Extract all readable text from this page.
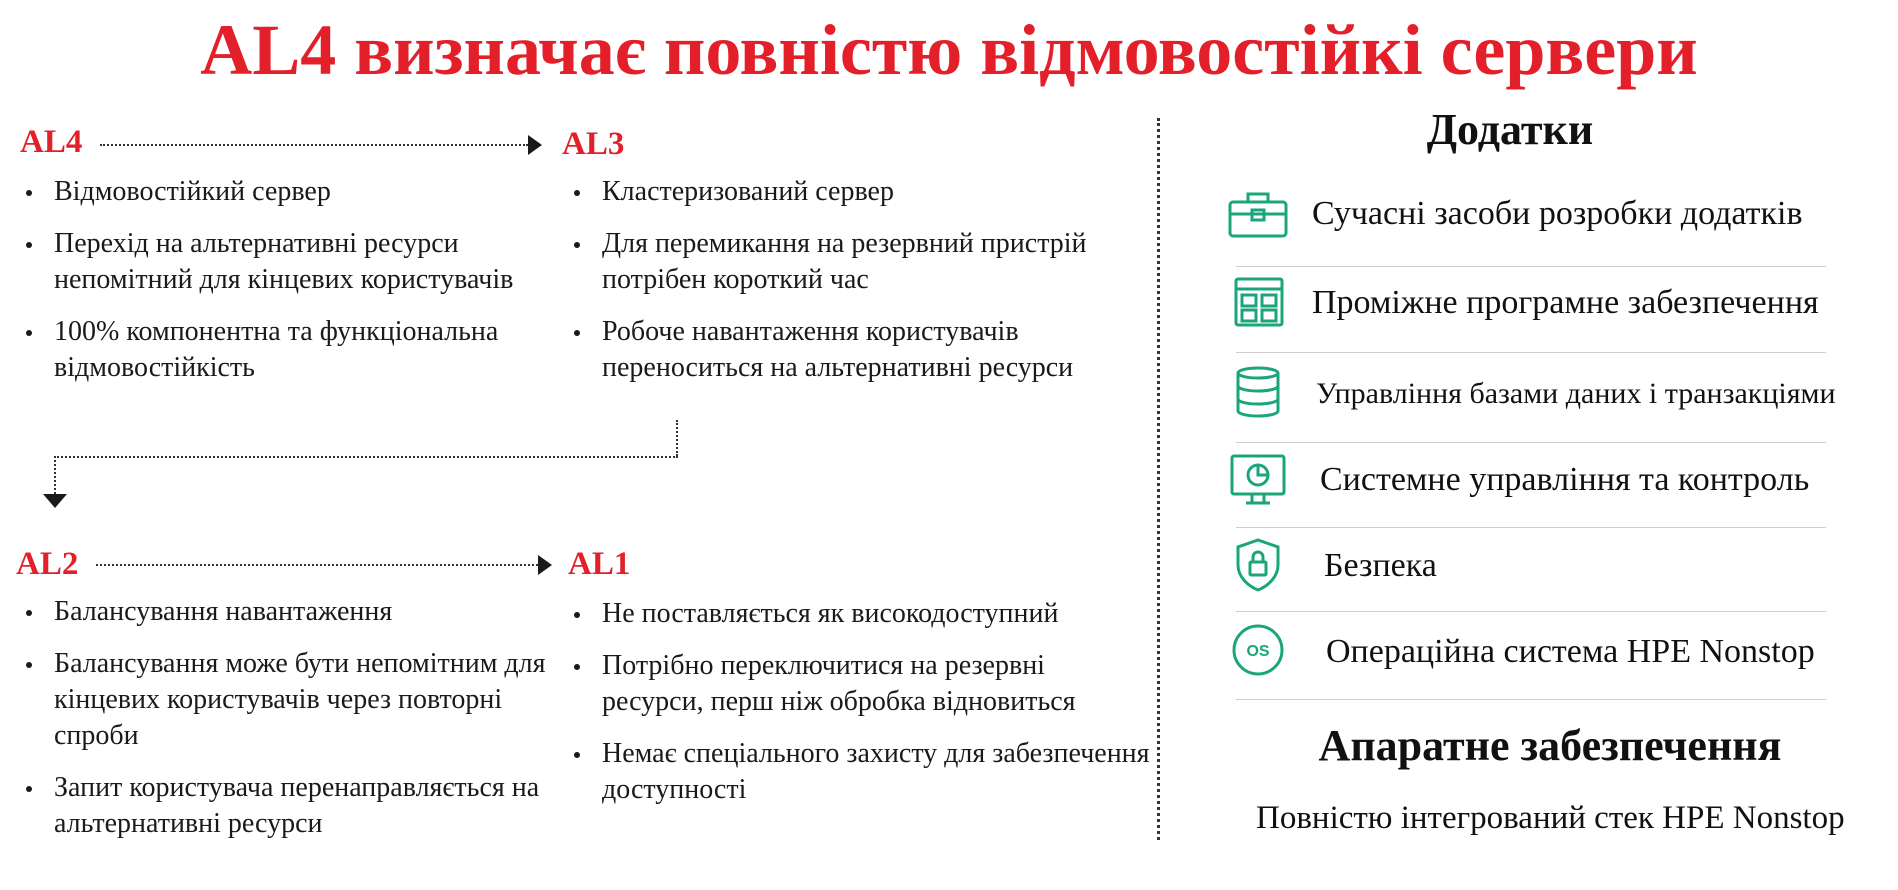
AL4 визначає повністю відмовостійкі сервери
AL4
Відмовостійкий сервер
Перехід на альтернативні ресурси непомітний для кінцевих користувачів
100% компонентна та функціональна відмовостійкість
AL3
Кластеризований сервер
Для перемикання на резервний пристрій потрібен короткий час
Робоче навантаження користувачів переноситься на альтернативні ресурси
AL2
Балансування навантаження
Балансування може бути непомітним для кінцевих користувачів через повторні спроби
Запит користувача перенаправляється на альтернативні ресурси
AL1
Не поставляється як високодоступний
Потрібно переключитися на резервні ресурси, перш ніж обробка відновиться
Немає спеціального захисту для забезпечення доступності
Додатки
Сучасні засоби розробки додатків
Проміжне програмне забезпечення
Управління базами даних і транзакціями
Системне управління та контроль
Безпека
OS Операційна система HPE Nonstop
Апаратне забезпечення
Повністю інтегрований стек HPE Nonstop
